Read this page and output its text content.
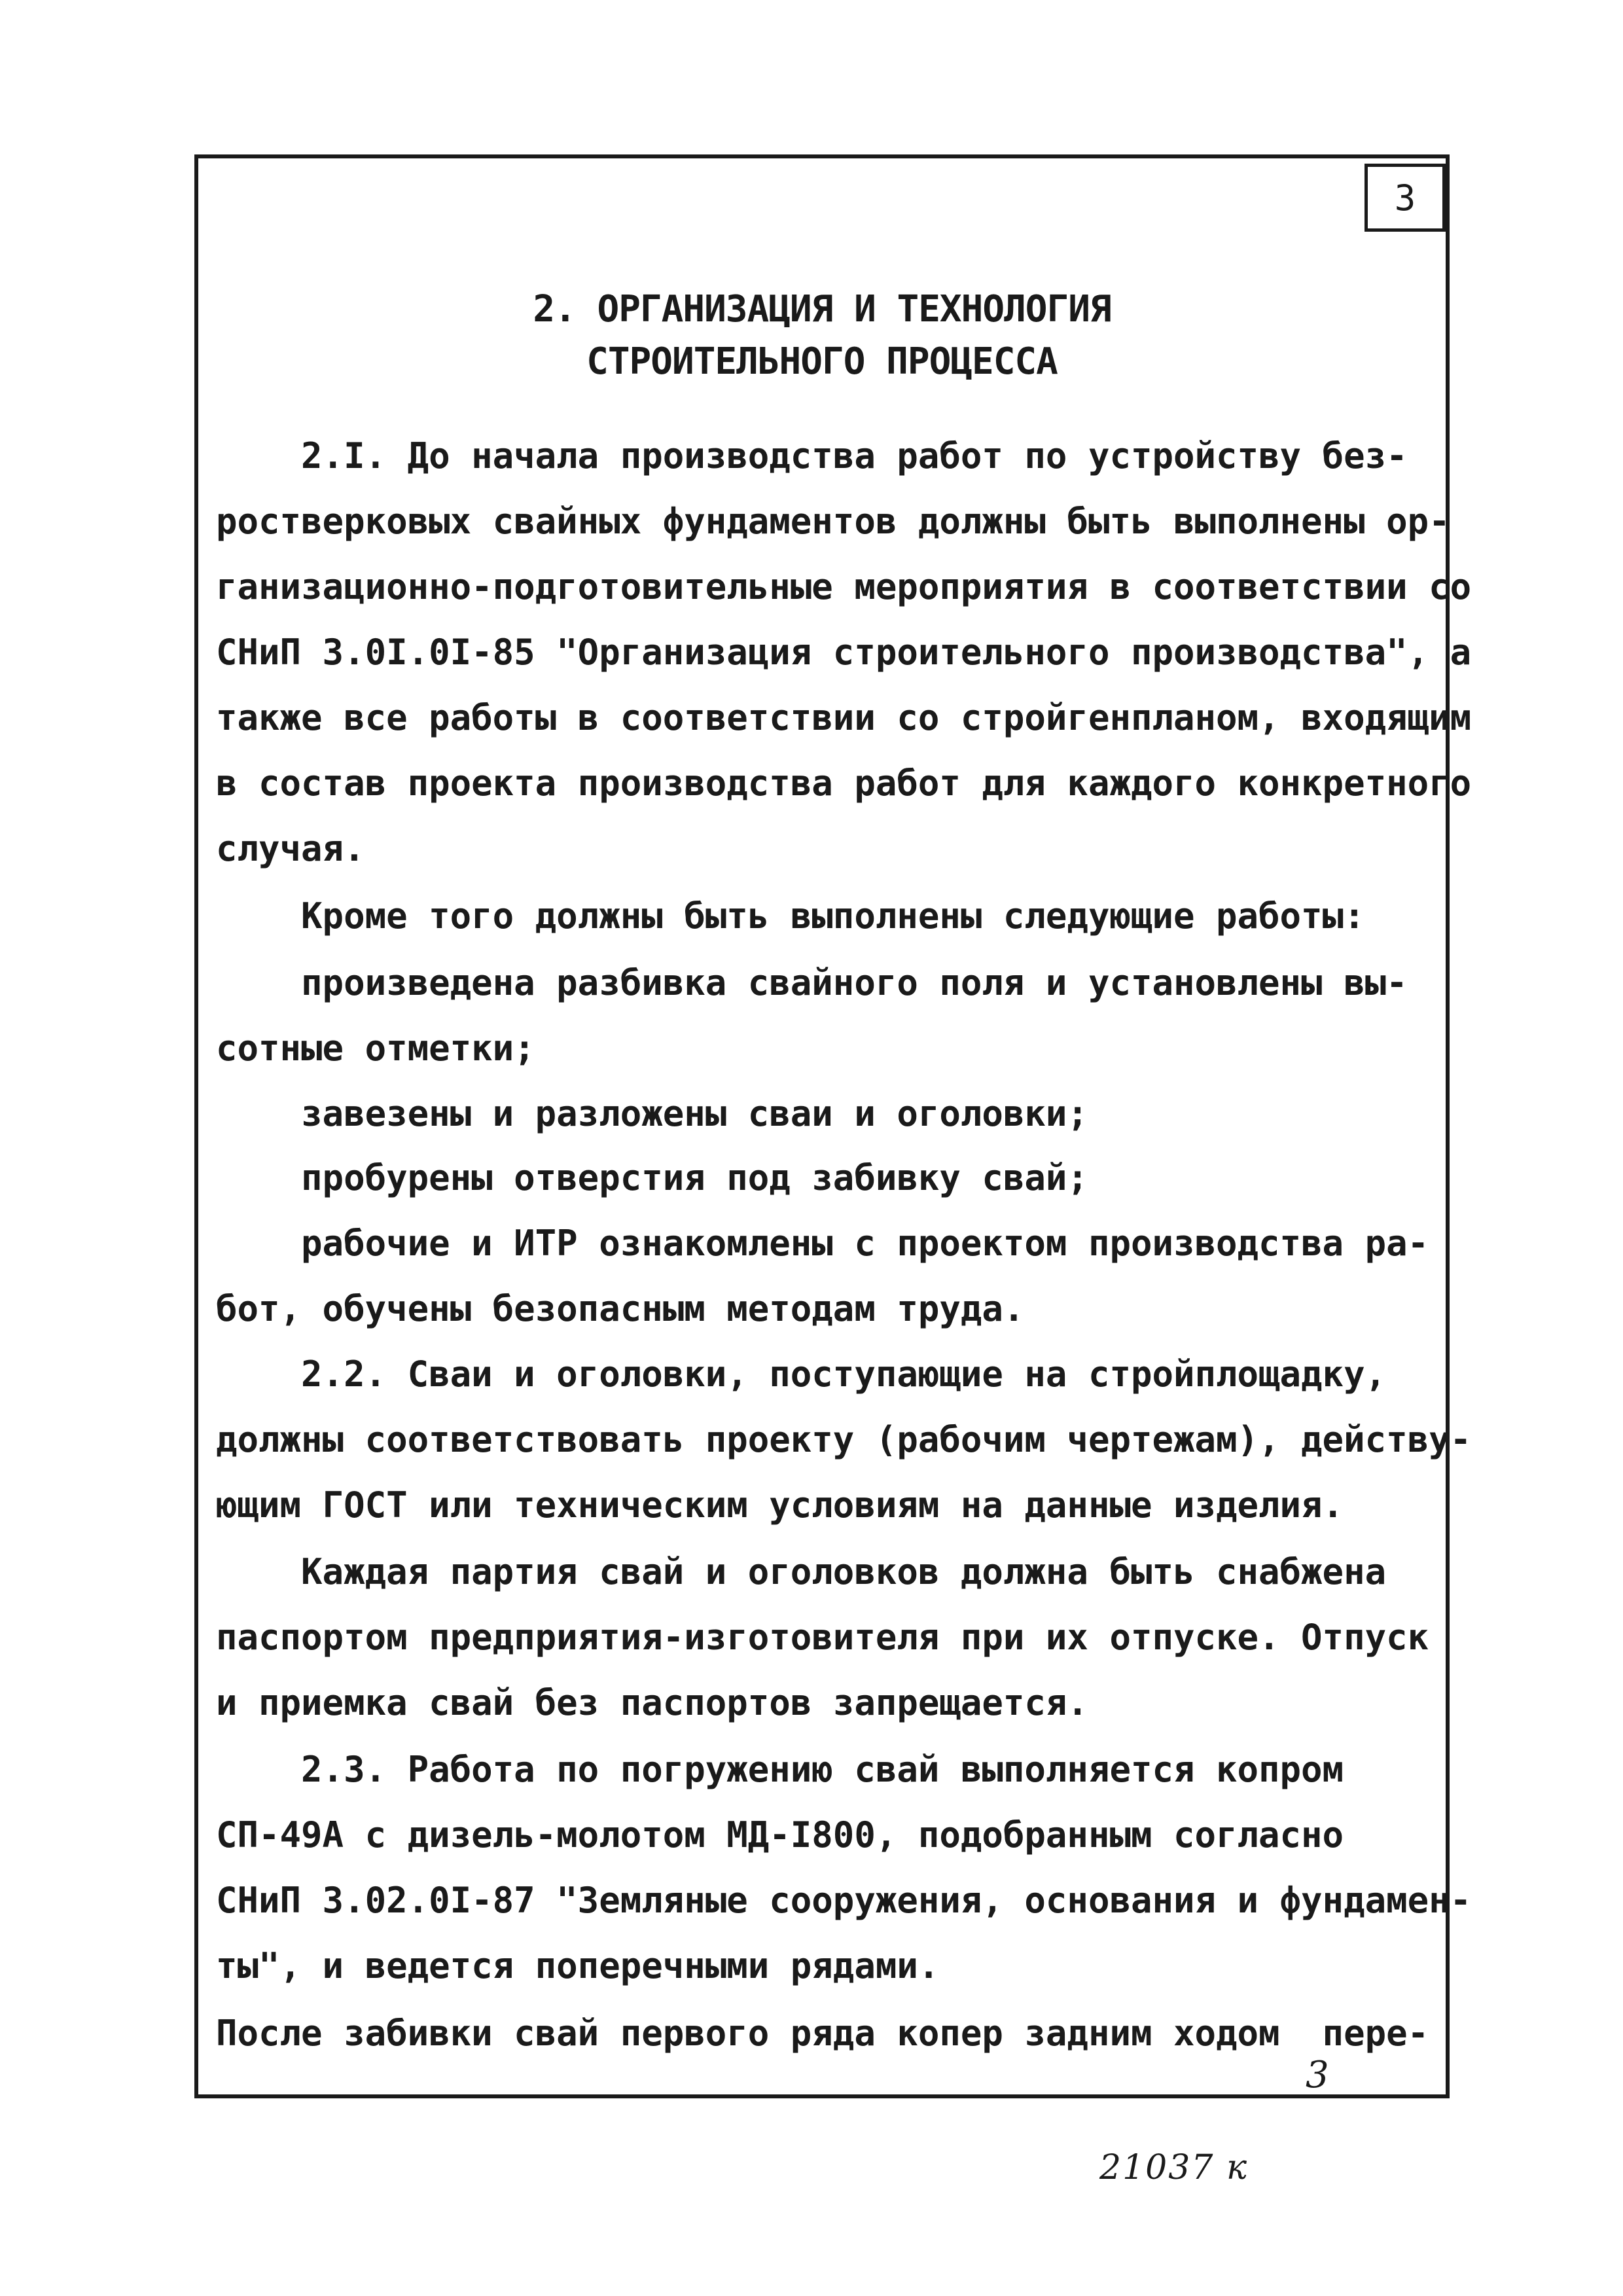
3
2. ОРГАНИЗАЦИЯ И ТЕХНОЛОГИЯ
СТРОИТЕЛЬНОГО ПРОЦЕССА
2.I. До начала производства работ по устройству без-
ростверковых свайных фундаментов должны быть выполнены ор-
ганизационно-подготовительные мероприятия в соответствии со
СНиП 3.0I.0I-85 "Организация строительного производства", а
также все работы в соответствии со стройгенпланом, входящим
в состав проекта производства работ для каждого конкретного
случая.
Кроме того должны быть выполнены следующие работы:
произведена разбивка свайного поля и установлены вы-
сотные отметки;
завезены и разложены сваи и оголовки;
пробурены отверстия под забивку свай;
рабочие и ИТР ознакомлены с проектом производства ра-
бот, обучены безопасным методам труда.
2.2. Сваи и оголовки, поступающие на стройплощадку,
должны соответствовать проекту (рабочим чертежам), действу-
ющим ГОСТ или техническим условиям на данные изделия.
Каждая партия свай и оголовков должна быть снабжена
паспортом предприятия-изготовителя при их отпуске. Отпуск
и приемка свай без паспортов запрещается.
2.3. Работа по погружению свай выполняется копром
СП-49А с дизель-молотом МД-I800, подобранным согласно
СНиП 3.02.0I-87 "Земляные сооружения, основания и фундамен-
ты", и ведется поперечными рядами.
После забивки свай первого ряда копер задним ходом  пере-
3
21037 к
